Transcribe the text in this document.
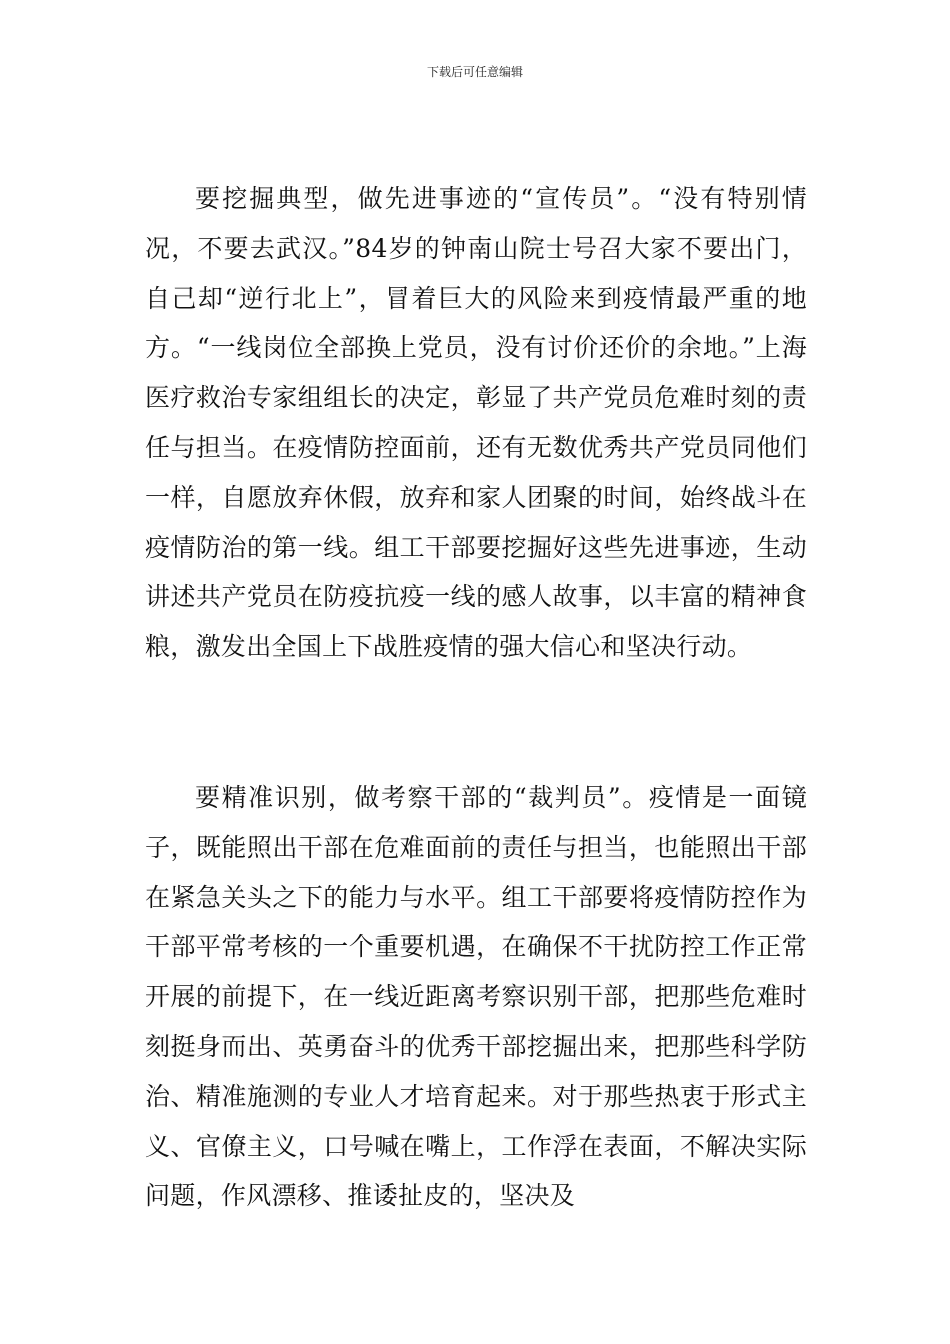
下载后可任意编辑

要挖掘典型，做先进事迹的“宣传员”。“没有特别情况，不要去武汉。”84岁的钟南山院士号召大家不要出门，自己却“逆行北上”，冒着巨大的风险来到疫情最严重的地方。“一线岗位全部换上党员，没有讨价还价的余地。”上海医疗救治专家组组长的决定，彰显了共产党员危难时刻的责任与担当。在疫情防控面前，还有无数优秀共产党员同他们一样，自愿放弃休假，放弃和家人团聚的时间，始终战斗在疫情防治的第一线。组工干部要挖掘好这些先进事迹，生动讲述共产党员在防疫抗疫一线的感人故事，以丰富的精神食粮，激发出全国上下战胜疫情的强大信心和坚决行动。

要精准识别，做考察干部的“裁判员”。疫情是一面镜子，既能照出干部在危难面前的责任与担当，也能照出干部在紧急关头之下的能力与水平。组工干部要将疫情防控作为干部平常考核的一个重要机遇，在确保不干扰防控工作正常开展的前提下，在一线近距离考察识别干部，把那些危难时刻挺身而出、英勇奋斗的优秀干部挖掘出来，把那些科学防治、精准施测的专业人才培育起来。对于那些热衷于形式主义、官僚主义，口号喊在嘴上，工作浮在表面，不解决实际问题，作风漂移、推诿扯皮的，坚决及
